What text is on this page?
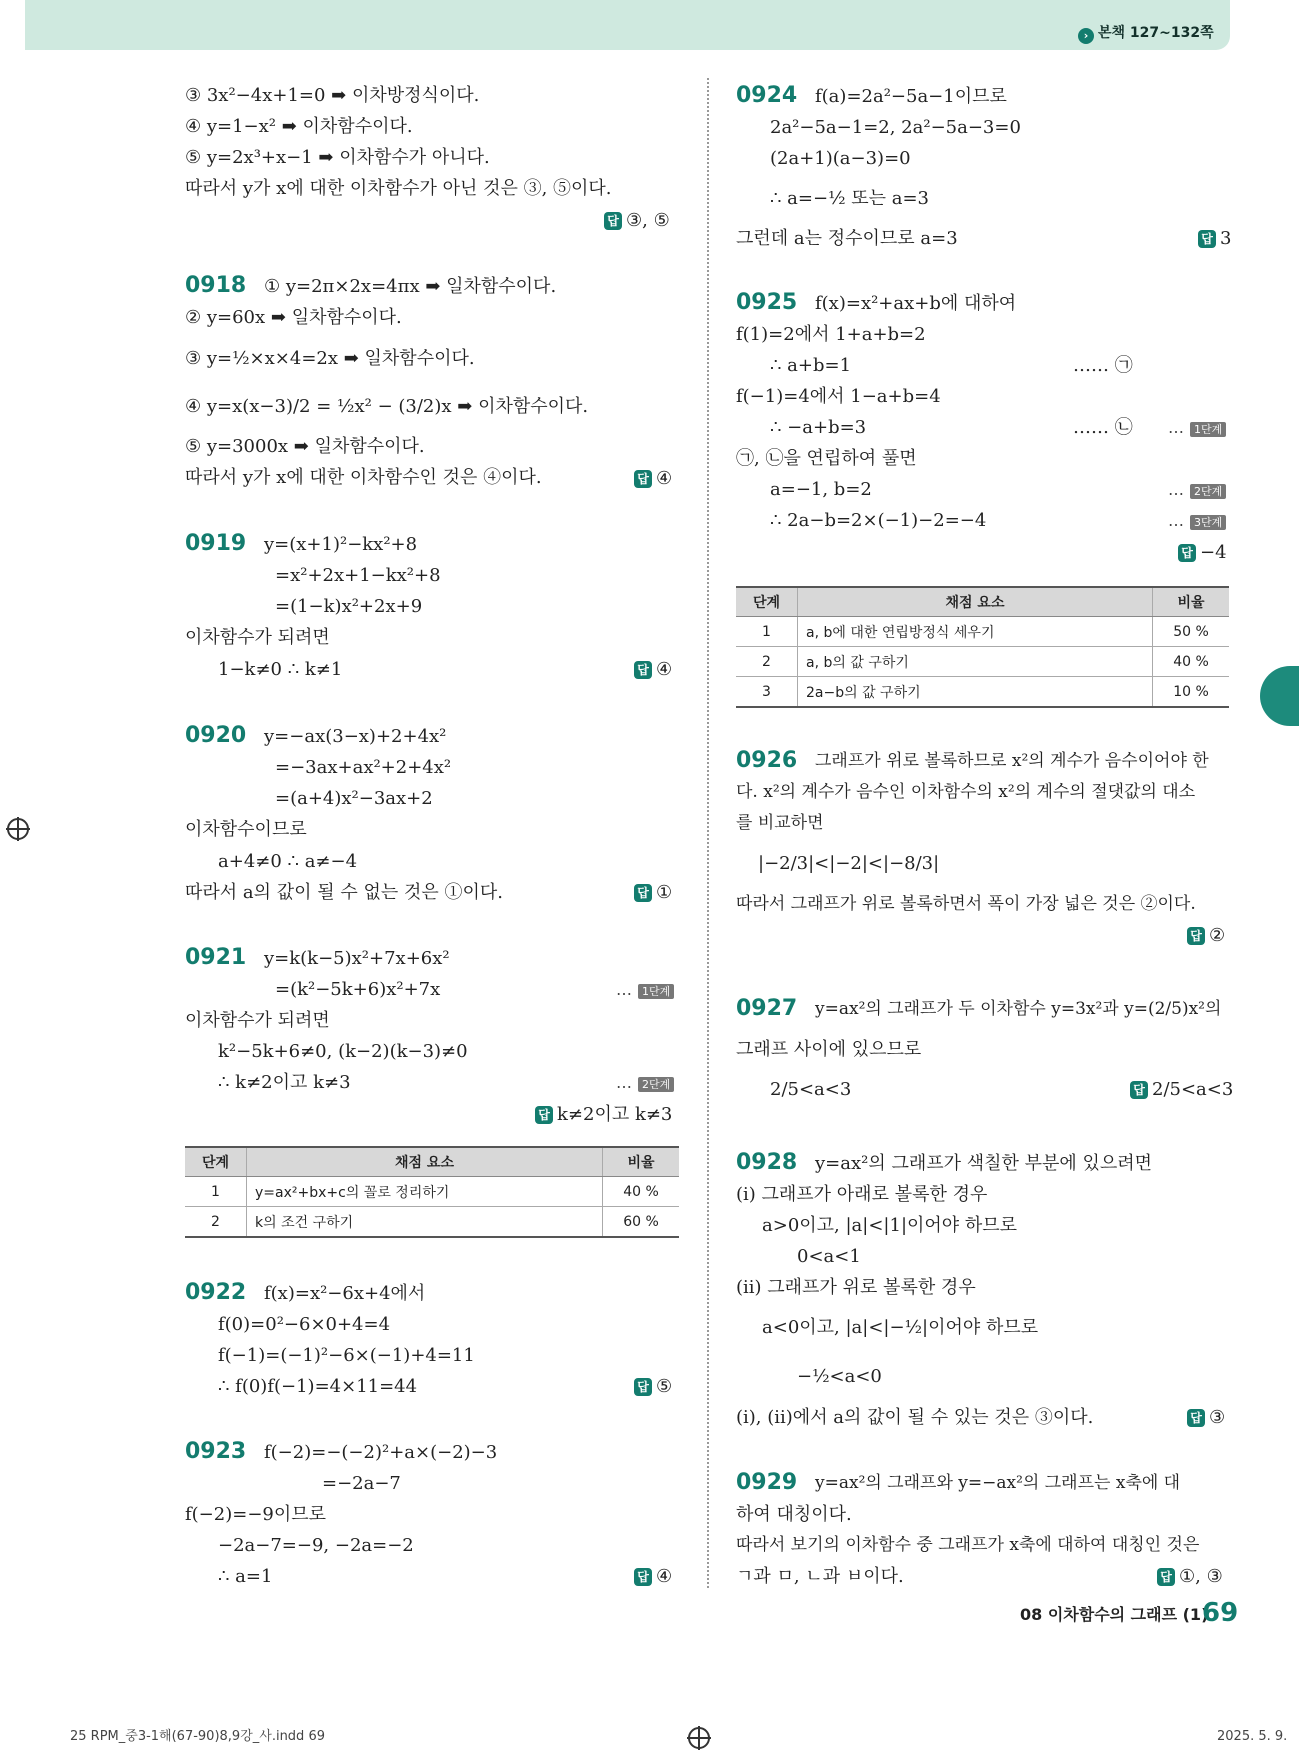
› 본책 127~132쪽
③ 3x²−4x+1=0 ➡ 이차방정식이다.
④ y=1−x² ➡ 이차함수이다.
⑤ y=2x³+x−1 ➡ 이차함수가 아니다.
따라서 y가 x에 대한 이차함수가 아닌 것은 ③, ⑤이다.
답 ③, ⑤
0918 ① y=2π×2x=4πx ➡ 일차함수이다.
② y=60x ➡ 일차함수이다.
③ y=½×x×4=2x ➡ 일차함수이다.
④ y=x(x−3)/2 = ½x² − (3/2)x ➡ 이차함수이다.
⑤ y=3000x ➡ 일차함수이다.
따라서 y가 x에 대한 이차함수인 것은 ④이다.	답 ④
0919 y=(x+1)²−kx²+8
=x²+2x+1−kx²+8
=(1−k)x²+2x+9
이차함수가 되려면
1−k≠0 ∴ k≠1	답 ④
0920 y=−ax(3−x)+2+4x²
=−3ax+ax²+2+4x²
=(a+4)x²−3ax+2
이차함수이므로
a+4≠0 ∴ a≠−4
따라서 a의 값이 될 수 없는 것은 ①이다.	답 ①
0921 y=k(k−5)x²+7x+6x²
=(k²−5k+6)x²+7x	… 1단계
이차함수가 되려면
k²−5k+6≠0, (k−2)(k−3)≠0
∴ k≠2이고 k≠3	… 2단계
답 k≠2이고 k≠3
단계	채점 요소	비율
1	y=ax²+bx+c의 꼴로 정리하기	40 %
2	k의 조건 구하기	60 %
0922 f(x)=x²−6x+4에서
f(0)=0²−6×0+4=4
f(−1)=(−1)²−6×(−1)+4=11
∴ f(0)f(−1)=4×11=44	답 ⑤
0923 f(−2)=−(−2)²+a×(−2)−3
=−2a−7
f(−2)=−9이므로
−2a−7=−9, −2a=−2
∴ a=1	답 ④
0924 f(a)=2a²−5a−1이므로
2a²−5a−1=2, 2a²−5a−3=0
(2a+1)(a−3)=0
∴ a=−½ 또는 a=3
그런데 a는 정수이므로 a=3	답 3
0925 f(x)=x²+ax+b에 대하여
f(1)=2에서 1+a+b=2
∴ a+b=1	…… ㉠
f(−1)=4에서 1−a+b=4
∴ −a+b=3	…… ㉡ … 1단계
㉠, ㉡을 연립하여 풀면
a=−1, b=2	… 2단계
∴ 2a−b=2×(−1)−2=−4	… 3단계
답 −4
단계	채점 요소	비율
1	a, b에 대한 연립방정식 세우기	50 %
2	a, b의 값 구하기	40 %
3	2a−b의 값 구하기	10 %
0926 그래프가 위로 볼록하므로 x²의 계수가 음수이어야 한
다. x²의 계수가 음수인 이차함수의 x²의 계수의 절댓값의 대소
를 비교하면
|−2/3|<|−2|<|−8/3|
따라서 그래프가 위로 볼록하면서 폭이 가장 넓은 것은 ②이다.
답 ②
0927 y=ax²의 그래프가 두 이차함수 y=3x²과 y=(2/5)x²의
그래프 사이에 있으므로
2/5<a<3	답 2/5<a<3
0928 y=ax²의 그래프가 색칠한 부분에 있으려면
(i) 그래프가 아래로 볼록한 경우
a>0이고, |a|<|1|이어야 하므로
0<a<1
(ii) 그래프가 위로 볼록한 경우
a<0이고, |a|<|−½|이어야 하므로
−½<a<0
(i), (ii)에서 a의 값이 될 수 있는 것은 ③이다.	답 ③
0929 y=ax²의 그래프와 y=−ax²의 그래프는 x축에 대
하여 대칭이다.
따라서 보기의 이차함수 중 그래프가 x축에 대하여 대칭인 것은
ㄱ과 ㅁ, ㄴ과 ㅂ이다.	답 ①, ③
08 이차함수의 그래프 (1)
69
25 RPM_중3-1해(67-90)8,9강_사.indd 69	2025. 5. 9.
